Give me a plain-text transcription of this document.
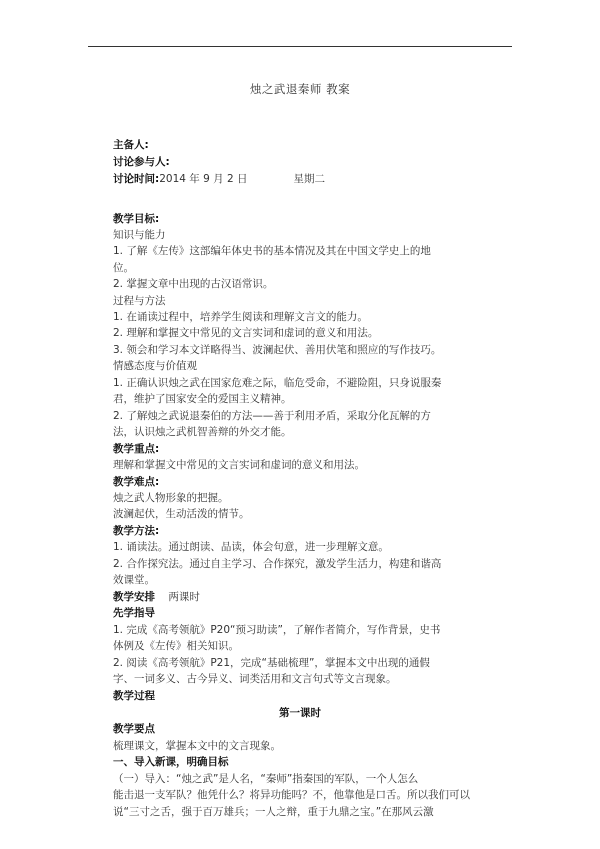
烛之武退秦师 教案
主备人:
讨论参与人:
讨论时间:2014 年 9 月 2 日	星期二
教学目标:
知识与能力
1. 了解《左传》这部编年体史书的基本情况及其在中国文学史上的地
位。
2. 掌握文章中出现的古汉语常识。
过程与方法
1. 在诵读过程中，培养学生阅读和理解文言文的能力。
2. 理解和掌握文中常见的文言实词和虚词的意义和用法。
3. 领会和学习本文详略得当、波澜起伏、善用伏笔和照应的写作技巧。
情感态度与价值观
1. 正确认识烛之武在国家危难之际，临危受命，不避险阻，只身说服秦
君，维护了国家安全的爱国主义精神。
2. 了解烛之武说退秦伯的方法——善于利用矛盾，采取分化瓦解的方
法，认识烛之武机智善辩的外交才能。
教学重点:
理解和掌握文中常见的文言实词和虚词的意义和用法。
教学难点:
烛之武人物形象的把握。
波澜起伏，生动活泼的情节。
教学方法:
1. 诵读法。通过朗读、品读，体会句意，进一步理解文意。
2. 合作探究法。通过自主学习、合作探究，激发学生活力，构建和谐高
效课堂。
教学安排 两课时
先学指导
1. 完成《高考领航》P20“预习助读”，了解作者简介，写作背景，史书
体例及《左传》相关知识。
2. 阅读《高考领航》P21，完成“基础梳理”，掌握本文中出现的通假
字、一词多义、古今异义、词类活用和文言句式等文言现象。
教学过程
第一课时
教学要点
梳理课文，掌握本文中的文言现象。
一、导入新课，明确目标
（一）导入：“烛之武”是人名，“秦师”指秦国的军队，一个人怎么
能击退一支军队？他凭什么？将异功能吗？不，他靠他是口舌。所以我们可以
说“三寸之舌，强于百万雄兵；一人之辩，重于九鼎之宝。”在那风云激
